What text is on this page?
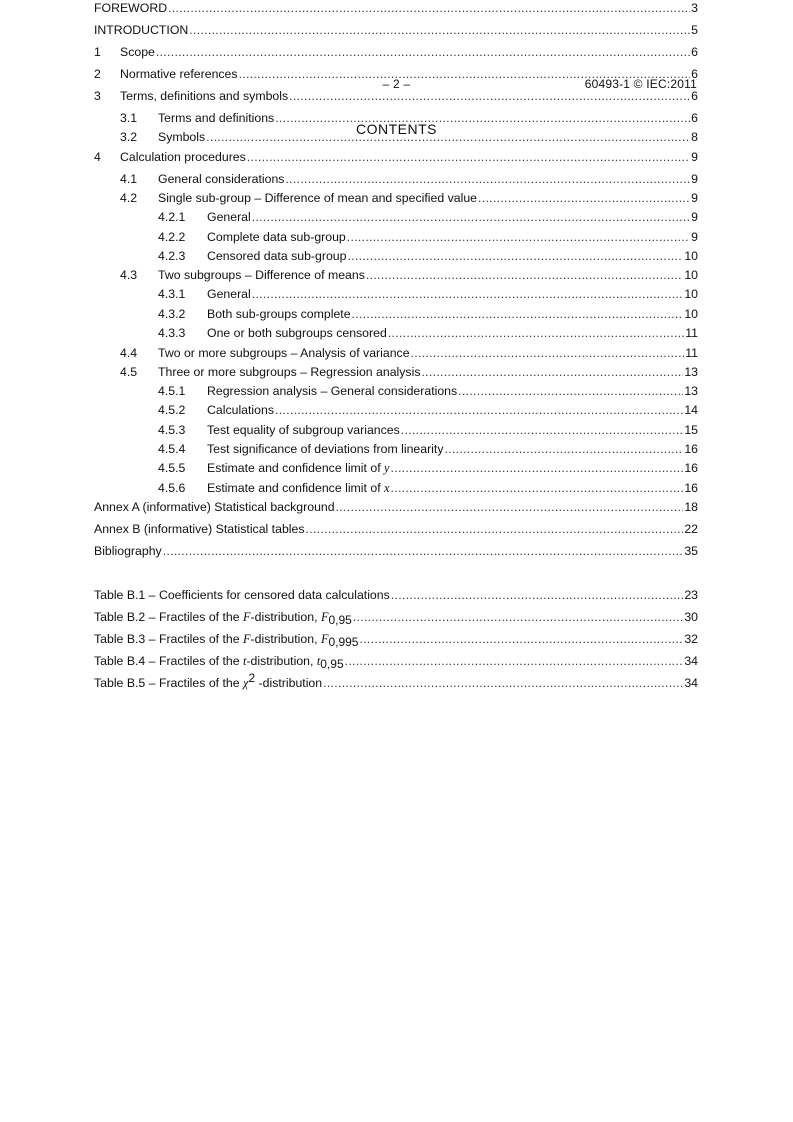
– 2 –	60493-1 © IEC:2011
CONTENTS
FOREWORD .....	3
INTRODUCTION .....	5
1	Scope .....	6
2	Normative references .....	6
3	Terms, definitions and symbols .....	6
3.1	Terms and definitions .....	6
3.2	Symbols .....	8
4	Calculation procedures .....	9
4.1	General considerations .....	9
4.2	Single sub-group – Difference of mean and specified value .....	9
4.2.1	General .....	9
4.2.2	Complete data sub-group .....	9
4.2.3	Censored data sub-group .....	10
4.3	Two subgroups – Difference of means .....	10
4.3.1	General .....	10
4.3.2	Both sub-groups complete .....	10
4.3.3	One or both subgroups censored .....	11
4.4	Two or more subgroups – Analysis of variance .....	11
4.5	Three or more subgroups – Regression analysis .....	13
4.5.1	Regression analysis – General considerations .....	13
4.5.2	Calculations .....	14
4.5.3	Test equality of subgroup variances .....	15
4.5.4	Test significance of deviations from linearity .....	16
4.5.5	Estimate and confidence limit of y .....	16
4.5.6	Estimate and confidence limit of x .....	16
Annex A (informative) Statistical background .....	18
Annex B (informative) Statistical tables .....	22
Bibliography .....	35
Table B.1 – Coefficients for censored data calculations .....	23
Table B.2 – Fractiles of the F-distribution, F0,95 .....	30
Table B.3 – Fractiles of the F-distribution, F0,995 .....	32
Table B.4 – Fractiles of the t-distribution, t0,95 .....	34
Table B.5 – Fractiles of the χ2 -distribution .....	34
